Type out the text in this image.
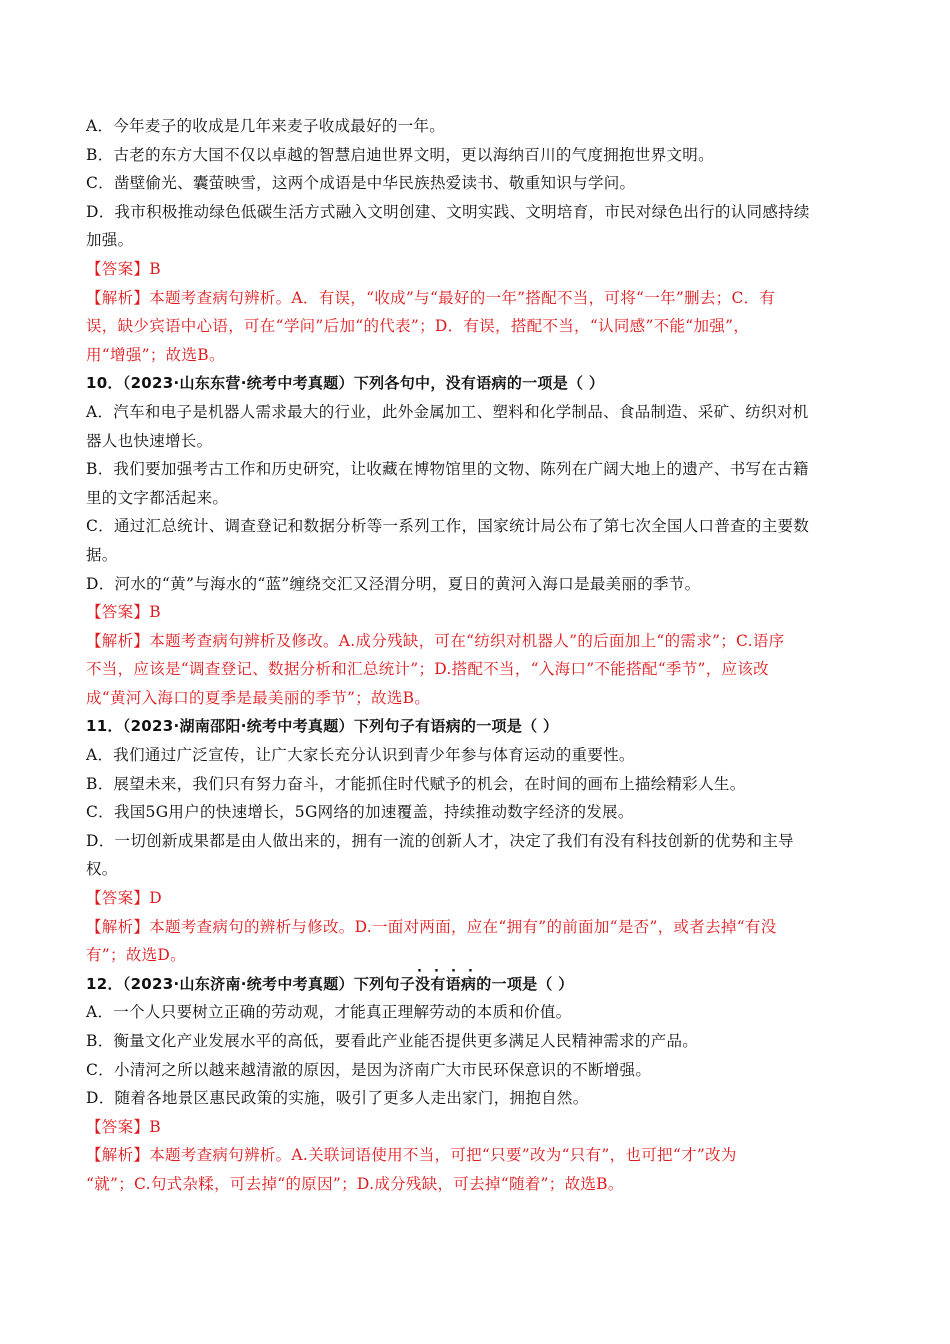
A．今年麦子的收成是几年来麦子收成最好的一年。

B．古老的东方大国不仅以卓越的智慧启迪世界文明，更以海纳百川的气度拥抱世界文明。

C．凿壁偷光、囊萤映雪，这两个成语是中华民族热爱读书、敬重知识与学问。

D．我市积极推动绿色低碳生活方式融入文明创建、文明实践、文明培育，市民对绿色出行的认同感持续

加强。

【答案】B

【解析】本题考查病句辨析。A．有误，“收成”与“最好的一年”搭配不当，可将“一年”删去；C．有

误，缺少宾语中心语，可在“学问”后加“的代表”；D．有误，搭配不当，“认同感”不能“加强”，

用“增强”；故选B。

10．（2023·山东东营·统考中考真题）下列各句中，没有语病的一项是（ ）

A．汽车和电子是机器人需求最大的行业，此外金属加工、塑料和化学制品、食品制造、采矿、纺织对机

器人也快速增长。

B．我们要加强考古工作和历史研究，让收藏在博物馆里的文物、陈列在广阔大地上的遗产、书写在古籍

里的文字都活起来。

C．通过汇总统计、调查登记和数据分析等一系列工作，国家统计局公布了第七次全国人口普查的主要数

据。

D．河水的“黄”与海水的“蓝”缠绕交汇又泾渭分明，夏日的黄河入海口是最美丽的季节。

【答案】B

【解析】本题考查病句辨析及修改。A.成分残缺，可在“纺织对机器人”的后面加上“的需求”；C.语序

不当，应该是“调查登记、数据分析和汇总统计”；D.搭配不当，“入海口”不能搭配“季节”，应该改

成“黄河入海口的夏季是最美丽的季节”；故选B。

11．（2023·湖南邵阳·统考中考真题）下列句子有语病的一项是（ ）

A．我们通过广泛宣传，让广大家长充分认识到青少年参与体育运动的重要性。

B．展望未来，我们只有努力奋斗，才能抓住时代赋予的机会，在时间的画布上描绘精彩人生。

C．我国5G用户的快速增长，5G网络的加速覆盖，持续推动数字经济的发展。

D．一切创新成果都是由人做出来的，拥有一流的创新人才，决定了我们有没有科技创新的优势和主导

权。

【答案】D

【解析】本题考查病句的辨析与修改。D.一面对两面，应在“拥有”的前面加“是否”，或者去掉“有没

有”；故选D。

12．（2023·山东济南·统考中考真题）下列句子· · 没有语病的一项是（ ）

A．一个人只要树立正确的劳动观，才能真正理解劳动的本质和价值。

B．衡量文化产业发展水平的高低，要看此产业能否提供更多满足人民精神需求的产品。

C．小清河之所以越来越清澈的原因，是因为济南广大市民环保意识的不断增强。

D．随着各地景区惠民政策的实施，吸引了更多人走出家门，拥抱自然。

【答案】B

【解析】本题考查病句辨析。A.关联词语使用不当，可把“只要”改为“只有”，也可把“才”改为

“就”；C.句式杂糅，可去掉“的原因”；D.成分残缺，可去掉“随着”；故选B。
